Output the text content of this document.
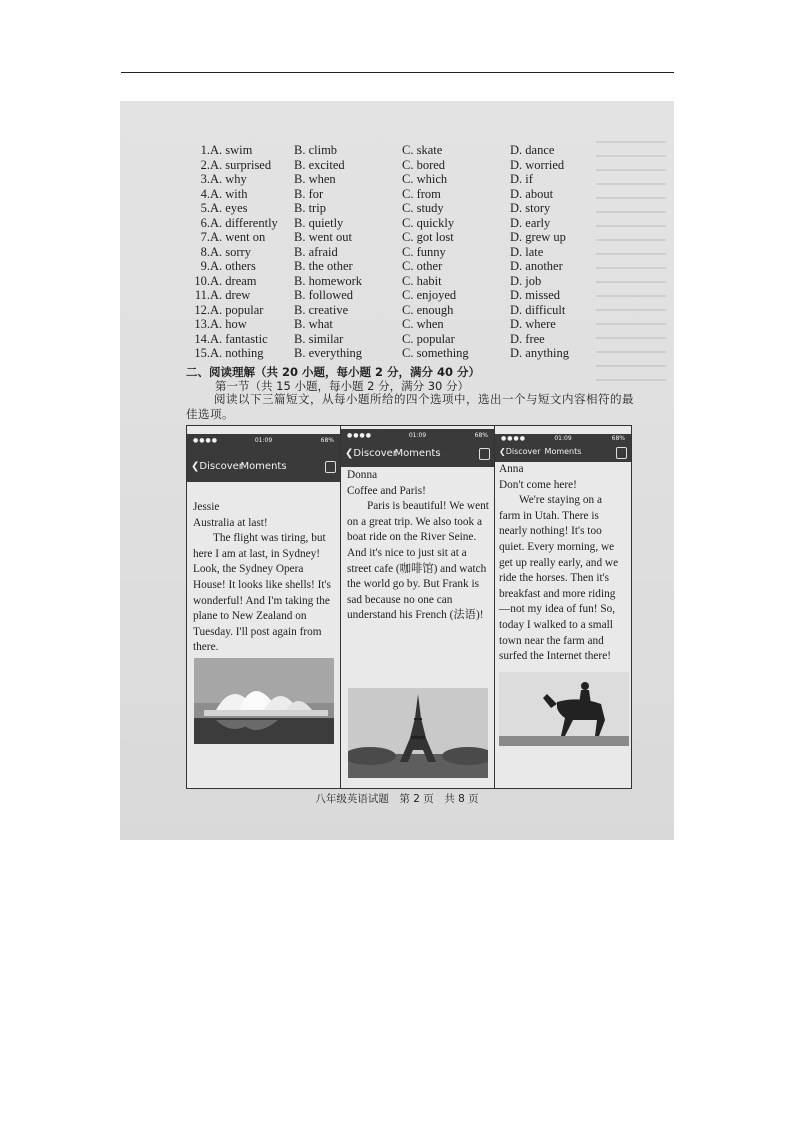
1.	A. swim	B. climb	C. skate	D. dance
2.	A. surprised	B. excited	C. bored	D. worried
3.	A. why	B. when	C. which	D. if
4.	A. with	B. for	C. from	D. about
5.	A. eyes	B. trip	C. study	D. story
6.	A. differently	B. quietly	C. quickly	D. early
7.	A. went on	B. went out	C. got lost	D. grew up
8.	A. sorry	B. afraid	C. funny	D. late
9.	A. others	B. the other	C. other	D. another
10.	A. dream	B. homework	C. habit	D. job
11.	A. drew	B. followed	C. enjoyed	D. missed
12.	A. popular	B. creative	C. enough	D. difficult
13.	A. how	B. what	C. when	D. where
14.	A. fantastic	B. similar	C. popular	D. free
15.	A. nothing	B. everything	C. something	D. anything
二、阅读理解（共 20 小题，每小题 2 分，满分 40 分）
第一节（共 15 小题，每小题 2 分，满分 30 分）
阅读以下三篇短文，从每小题所给的四个选项中，选出一个与短文内容相符的最佳选项。
●●●●	01:09	68%
❮Discover
Moments

Jessie

Australia at last!

The flight was tiring, but here I am at last, in Sydney! Look, the Sydney Opera House! It looks like shells! It's wonderful! And I'm taking the plane to New Zealand on Tuesday. I'll post again from there.

●●●●	01:09	68%
❮Discover
Moments

Donna

Coffee and Paris!

Paris is beautiful! We went on a great trip. We also took a boat ride on the River Seine. And it's nice to just sit at a street cafe (咖啡馆) and watch the world go by. But Frank is sad because no one can understand his French (法语)!

●●●●	01:09	68%
❮Discover Moments

Anna

Don't come here!

We're staying on a farm in Utah. There is nearly nothing! It's too quiet. Every morning, we get up really early, and we ride the horses. Then it's breakfast and more riding—not my idea of fun! So, today I walked to a small town near the farm and surfed the Internet there!

八年级英语试题　第 2 页　共 8 页
